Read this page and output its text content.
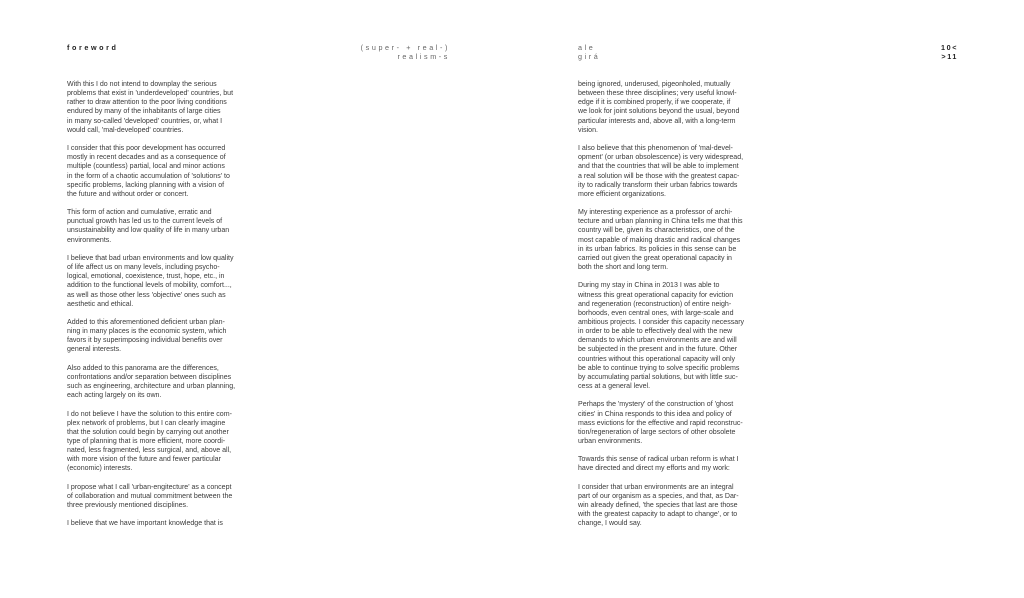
foreword	(super- + real-)
realism-s
ale
girá
10<
>11

With this I do not intend to downplay the serious
problems that exist in 'underdeveloped' countries, but
rather to draw attention to the poor living conditions
endured by many of the inhabitants of large cities
in many so-called 'developed' countries, or, what I
would call, 'mal-developed' countries.

I consider that this poor development has occurred
mostly in recent decades and as a consequence of
multiple (countless) partial, local and minor actions
in the form of a chaotic accumulation of 'solutions' to
specific problems, lacking planning with a vision of
the future and without order or concert.

This form of action and cumulative, erratic and
punctual growth has led us to the current levels of
unsustainability and low quality of life in many urban
environments.

I believe that bad urban environments and low quality
of life affect us on many levels, including psycho-
logical, emotional, coexistence, trust, hope, etc., in
addition to the functional levels of mobility, comfort...,
as well as those other less 'objective' ones such as
aesthetic and ethical.

Added to this aforementioned deficient urban plan-
ning in many places is the economic system, which
favors it by superimposing individual benefits over
general interests.

Also added to this panorama are the differences,
confrontations and/or separation between disciplines
such as engineering, architecture and urban planning,
each acting largely on its own.

I do not believe I have the solution to this entire com-
plex network of problems, but I can clearly imagine
that the solution could begin by carrying out another
type of planning that is more efficient, more coordi-
nated, less fragmented, less surgical, and, above all,
with more vision of the future and fewer particular
(economic) interests.

I propose what I call 'urban-engitecture' as a concept
of collaboration and mutual commitment between the
three previously mentioned disciplines.

I believe that we have important knowledge that is

being ignored, underused, pigeonholed, mutually
between these three disciplines; very useful knowl-
edge if it is combined properly, if we cooperate, if
we look for joint solutions beyond the usual, beyond
particular interests and, above all, with a long-term
vision.

I also believe that this phenomenon of 'mal-devel-
opment' (or urban obsolescence) is very widespread,
and that the countries that will be able to implement
a real solution will be those with the greatest capac-
ity to radically transform their urban fabrics towards
more efficient organizations.

My interesting experience as a professor of archi-
tecture and urban planning in China tells me that this
country will be, given its characteristics, one of the
most capable of making drastic and radical changes
in its urban fabrics. Its policies in this sense can be
carried out given the great operational capacity in
both the short and long term.

During my stay in China in 2013 I was able to
witness this great operational capacity for eviction
and regeneration (reconstruction) of entire neigh-
borhoods, even central ones, with large-scale and
ambitious projects. I consider this capacity necessary
in order to be able to effectively deal with the new
demands to which urban environments are and will
be subjected in the present and in the future. Other
countries without this operational capacity will only
be able to continue trying to solve specific problems
by accumulating partial solutions, but with little suc-
cess at a general level.

Perhaps the 'mystery' of the construction of 'ghost
cities' in China responds to this idea and policy of
mass evictions for the effective and rapid reconstruc-
tion/regeneration of large sectors of other obsolete
urban environments.

Towards this sense of radical urban reform is what I
have directed and direct my efforts and my work:

I consider that urban environments are an integral
part of our organism as a species, and that, as Dar-
win already defined, 'the species that last are those
with the greatest capacity to adapt to change', or to
change, I would say.
